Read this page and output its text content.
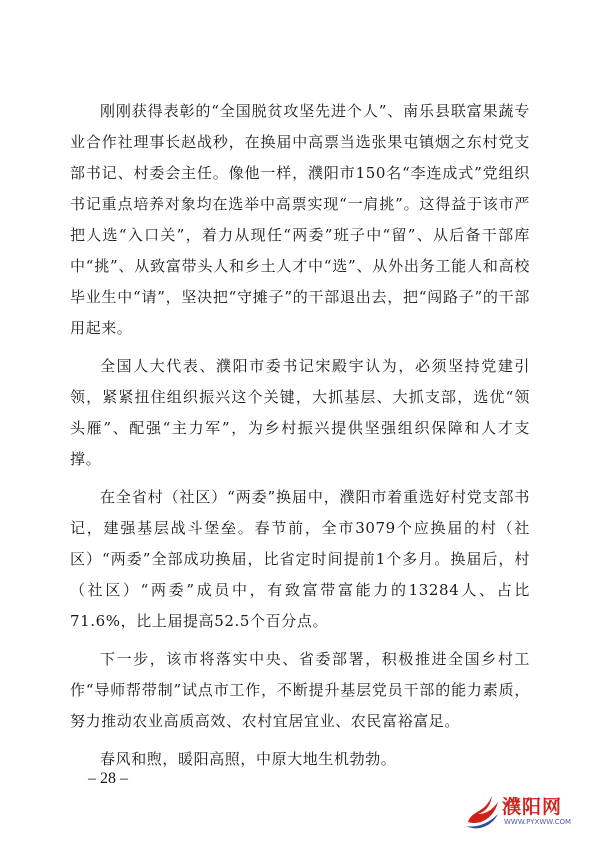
刚刚获得表彰的“全国脱贫攻坚先进个人”、南乐县联富果蔬专业合作社理事长赵战秒，在换届中高票当选张果屯镇烟之东村党支部书记、村委会主任。像他一样，濮阳市150名“李连成式”党组织书记重点培养对象均在选举中高票实现“一肩挑”。这得益于该市严把人选“入口关”，着力从现任“两委”班子中“留”、从后备干部库中“挑”、从致富带头人和乡土人才中“选”、从外出务工能人和高校毕业生中“请”，坚决把“守摊子”的干部退出去，把“闯路子”的干部用起来。

全国人大代表、濮阳市委书记宋殿宇认为，必须坚持党建引领，紧紧扭住组织振兴这个关键，大抓基层、大抓支部，选优“领头雁”、配强“主力军”，为乡村振兴提供坚强组织保障和人才支撑。

在全省村（社区）“两委”换届中，濮阳市着重选好村党支部书记，建强基层战斗堡垒。春节前，全市3079个应换届的村（社区）“两委”全部成功换届，比省定时间提前1个多月。换届后，村（社区）“两委”成员中，有致富带富能力的13284人、占比71.6%，比上届提高52.5个百分点。

下一步，该市将落实中央、省委部署，积极推进全国乡村工作“导师帮带制”试点市工作，不断提升基层党员干部的能力素质，努力推动农业高质高效、农村宜居宜业、农民富裕富足。

春风和煦，暖阳高照，中原大地生机勃勃。

– 28 –
濮阳网
WWW.PYXWW.COM
